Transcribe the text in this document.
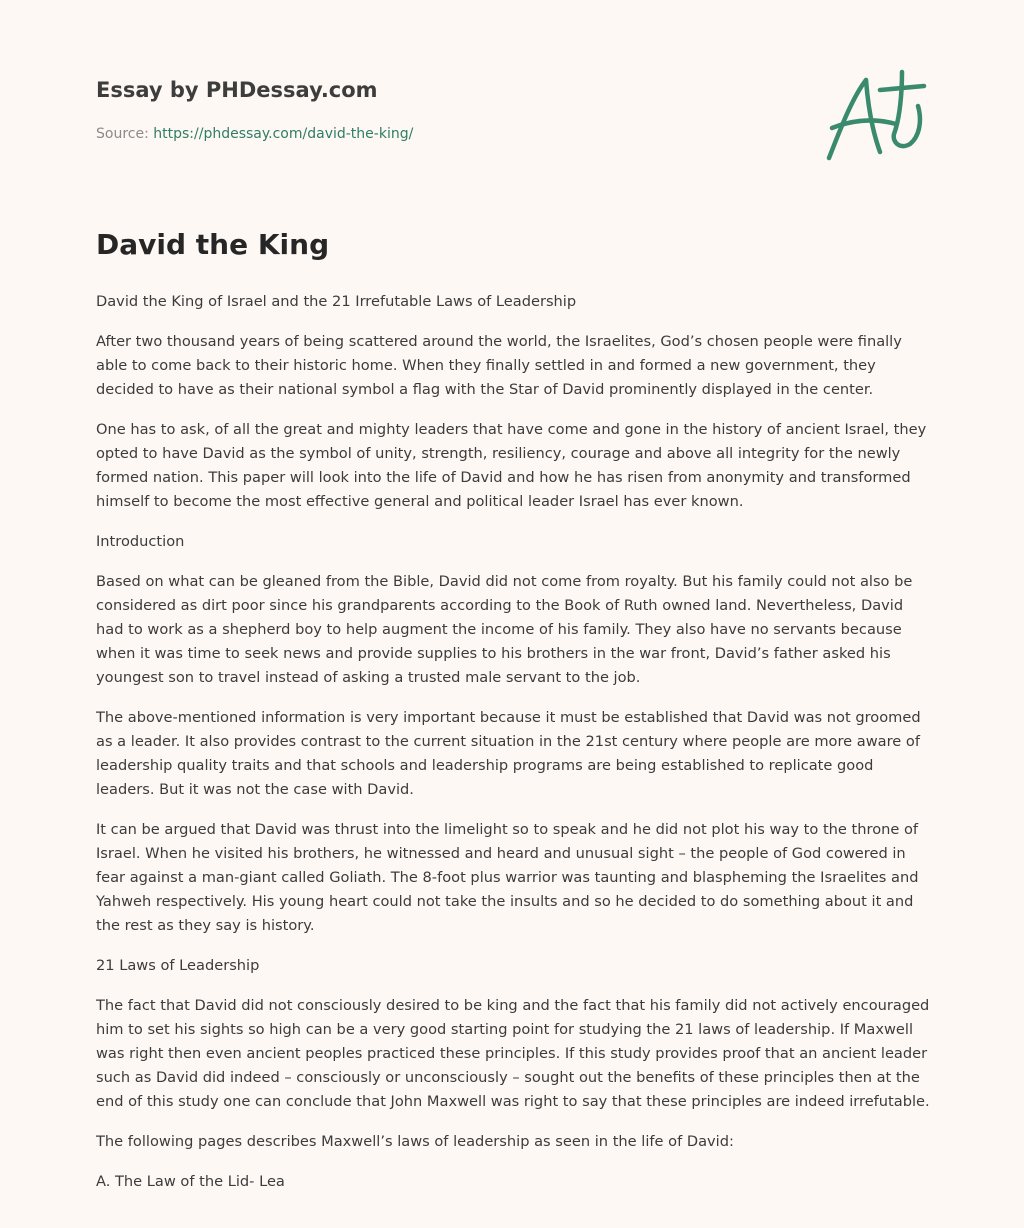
Essay by PHDessay.com

Source: https://phdessay.com/david-the-king/
David the King

David the King of Israel and the 21 Irrefutable Laws of Leadership

After two thousand years of being scattered around the world, the Israelites, God’s chosen people were finally able to come back to their historic home. When they finally settled in and formed a new government, they decided to have as their national symbol a flag with the Star of David prominently displayed in the center.

One has to ask, of all the great and mighty leaders that have come and gone in the history of ancient Israel, they opted to have David as the symbol of unity, strength, resiliency, courage and above all integrity for the newly formed nation. This paper will look into the life of David and how he has risen from anonymity and transformed himself to become the most effective general and political leader Israel has ever known.

Introduction

Based on what can be gleaned from the Bible, David did not come from royalty. But his family could not also be considered as dirt poor since his grandparents according to the Book of Ruth owned land. Nevertheless, David had to work as a shepherd boy to help augment the income of his family. They also have no servants because when it was time to seek news and provide supplies to his brothers in the war front, David’s father asked his youngest son to travel instead of asking a trusted male servant to the job.

The above-mentioned information is very important because it must be established that David was not groomed as a leader. It also provides contrast to the current situation in the 21st century where people are more aware of leadership quality traits and that schools and leadership programs are being established to replicate good leaders. But it was not the case with David.

It can be argued that David was thrust into the limelight so to speak and he did not plot his way to the throne of Israel. When he visited his brothers, he witnessed and heard and unusual sight – the people of God cowered in fear against a man-giant called Goliath. The 8-foot plus warrior was taunting and blaspheming the Israelites and Yahweh respectively. His young heart could not take the insults and so he decided to do something about it and the rest as they say is history.

21 Laws of Leadership

The fact that David did not consciously desired to be king and the fact that his family did not actively encouraged him to set his sights so high can be a very good starting point for studying the 21 laws of leadership. If Maxwell was right then even ancient peoples practiced these principles. If this study provides proof that an ancient leader such as David did indeed – consciously or unconsciously – sought out the benefits of these principles then at the end of this study one can conclude that John Maxwell was right to say that these principles are indeed irrefutable.

The following pages describes Maxwell’s laws of leadership as seen in the life of David:

A. The Law of the Lid- Lea
